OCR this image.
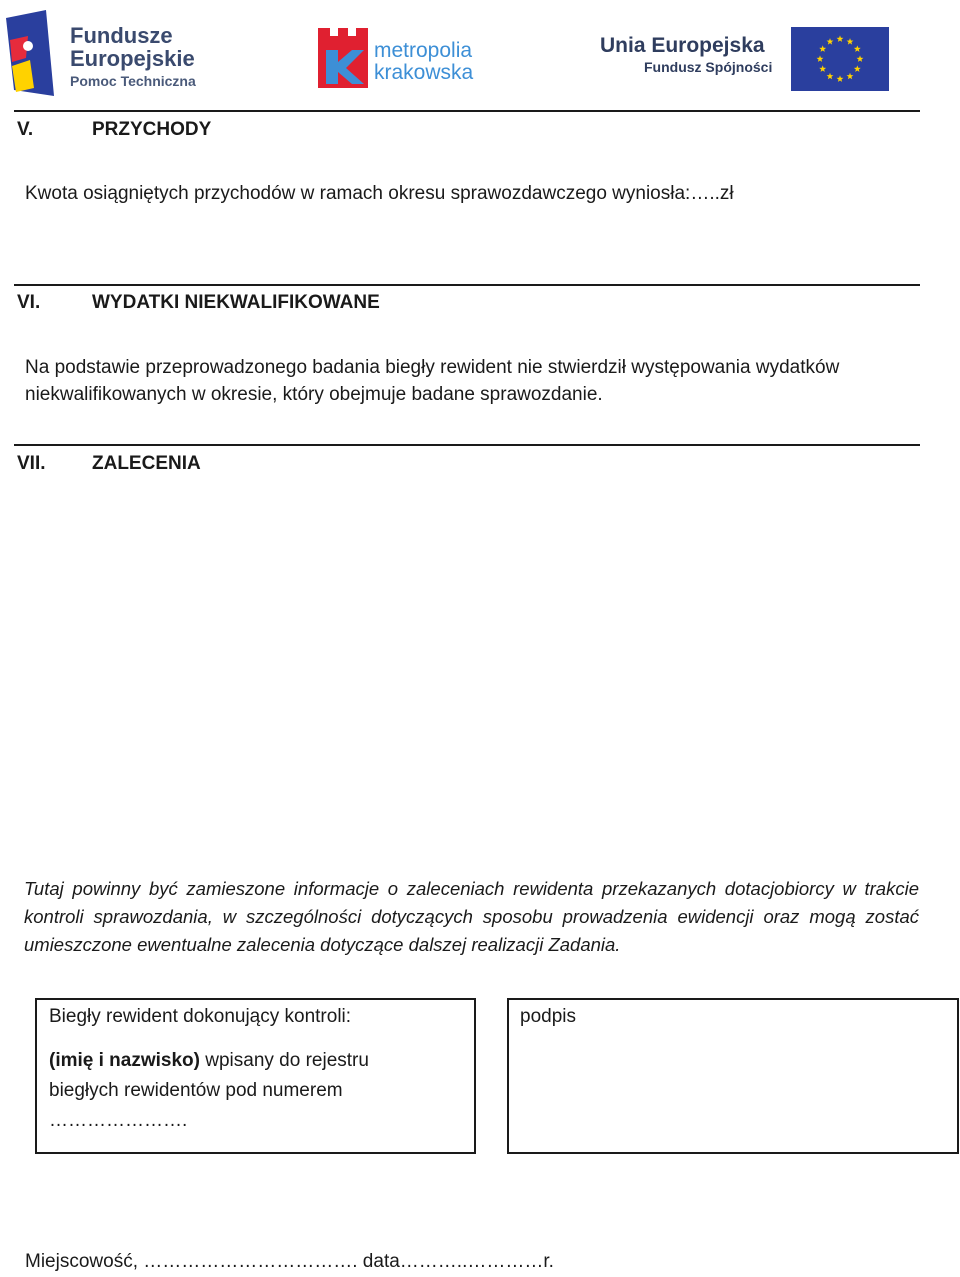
Fundusze
Europejskie
Pomoc Techniczna
metropolia
krakowska
Unia Europejska
Fundusz Spójności
V.	PRZYCHODY
Kwota osiągniętych przychodów w ramach okresu sprawozdawczego wyniosła:…..zł
VI.	WYDATKI NIEKWALIFIKOWANE
Na podstawie przeprowadzonego badania biegły rewident nie stwierdził występowania wydatków
niekwalifikowanych w okresie, który obejmuje badane sprawozdanie.
VII. ZALECENIA
Tutaj powinny być zamieszone informacje o zaleceniach rewidenta przekazanych dotacjobiorcy w trakcie kontroli sprawozdania, w szczególności dotyczących sposobu prowadzenia ewidencji oraz mogą zostać umieszczone ewentualne zalecenia dotyczące dalszej realizacji Zadania.
Biegły rewident dokonujący kontroli:
(imię i nazwisko) wpisany do rejestru
biegłych rewidentów pod numerem
………………….
podpis
Miejscowość, ……………………………. data………..…………r.
